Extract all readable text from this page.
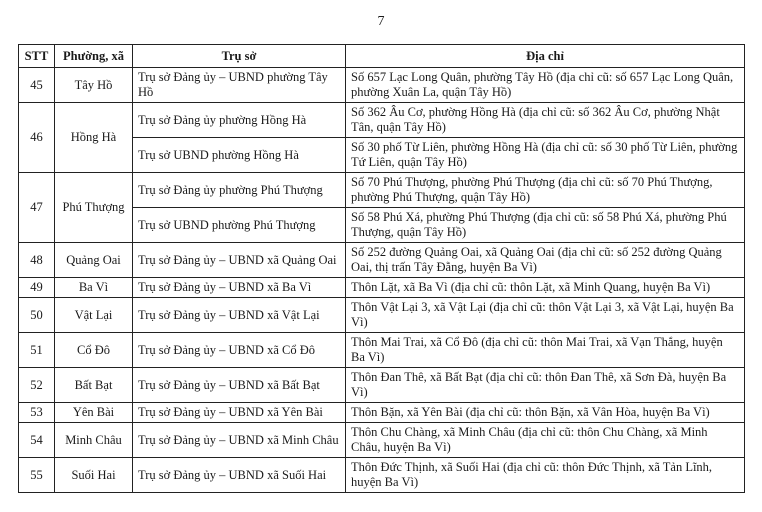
7
STT	Phường, xã	Trụ sở	Địa chỉ
45	Tây Hồ	Trụ sở Đảng ủy – UBND phường Tây Hồ	Số 657 Lạc Long Quân, phường Tây Hồ (địa chỉ cũ: số 657 Lạc Long Quân, phường Xuân La, quận Tây Hồ)
46	Hồng Hà	Trụ sở Đảng ủy phường Hồng Hà	Số 362 Âu Cơ, phường Hồng Hà (địa chỉ cũ: số 362 Âu Cơ, phường Nhật Tân, quận Tây Hồ)
		Trụ sở UBND phường Hồng Hà	Số 30 phố Từ Liên, phường Hồng Hà (địa chỉ cũ: số 30 phố Từ Liên, phường Tứ Liên, quận Tây Hồ)
47	Phú Thượng	Trụ sở Đảng ủy phường Phú Thượng	Số 70 Phú Thượng, phường Phú Thượng (địa chỉ cũ: số 70 Phú Thượng, phường Phú Thượng, quận Tây Hồ)
		Trụ sở UBND phường Phú Thượng	Số 58 Phú Xá, phường Phú Thượng (địa chỉ cũ: số 58 Phú Xá, phường Phú Thượng, quận Tây Hồ)
48	Quảng Oai	Trụ sở Đảng ủy – UBND xã Quảng Oai	Số 252 đường Quảng Oai, xã Quảng Oai (địa chỉ cũ: số 252 đường Quảng Oai, thị trấn Tây Đằng, huyện Ba Vì)
49	Ba Vì	Trụ sở Đảng ủy – UBND xã Ba Vì	Thôn Lặt, xã Ba Vì (địa chỉ cũ: thôn Lặt, xã Minh Quang, huyện Ba Vì)
50	Vật Lại	Trụ sở Đảng ủy – UBND xã Vật Lại	Thôn Vật Lại 3, xã Vật Lại (địa chỉ cũ: thôn Vật Lại 3, xã Vật Lại, huyện Ba Vì)
51	Cổ Đô	Trụ sở Đảng ủy – UBND xã Cổ Đô	Thôn Mai Trai, xã Cổ Đô (địa chỉ cũ: thôn Mai Trai, xã Vạn Thắng, huyện Ba Vì)
52	Bất Bạt	Trụ sở Đảng ủy – UBND xã Bất Bạt	Thôn Đan Thê, xã Bất Bạt (địa chỉ cũ: thôn Đan Thê, xã Sơn Đà, huyện Ba Vì)
53	Yên Bài	Trụ sở Đảng ủy – UBND xã Yên Bài	Thôn Bặn, xã Yên Bài (địa chỉ cũ: thôn Bặn, xã Vân Hòa, huyện Ba Vì)
54	Minh Châu	Trụ sở Đảng ủy – UBND xã Minh Châu	Thôn Chu Chàng, xã Minh Châu (địa chỉ cũ: thôn Chu Chàng, xã Minh Châu, huyện Ba Vì)
55	Suối Hai	Trụ sở Đảng ủy – UBND xã Suối Hai	Thôn Đức Thịnh, xã Suối Hai (địa chỉ cũ: thôn Đức Thịnh, xã Tản Lĩnh, huyện Ba Vì)
